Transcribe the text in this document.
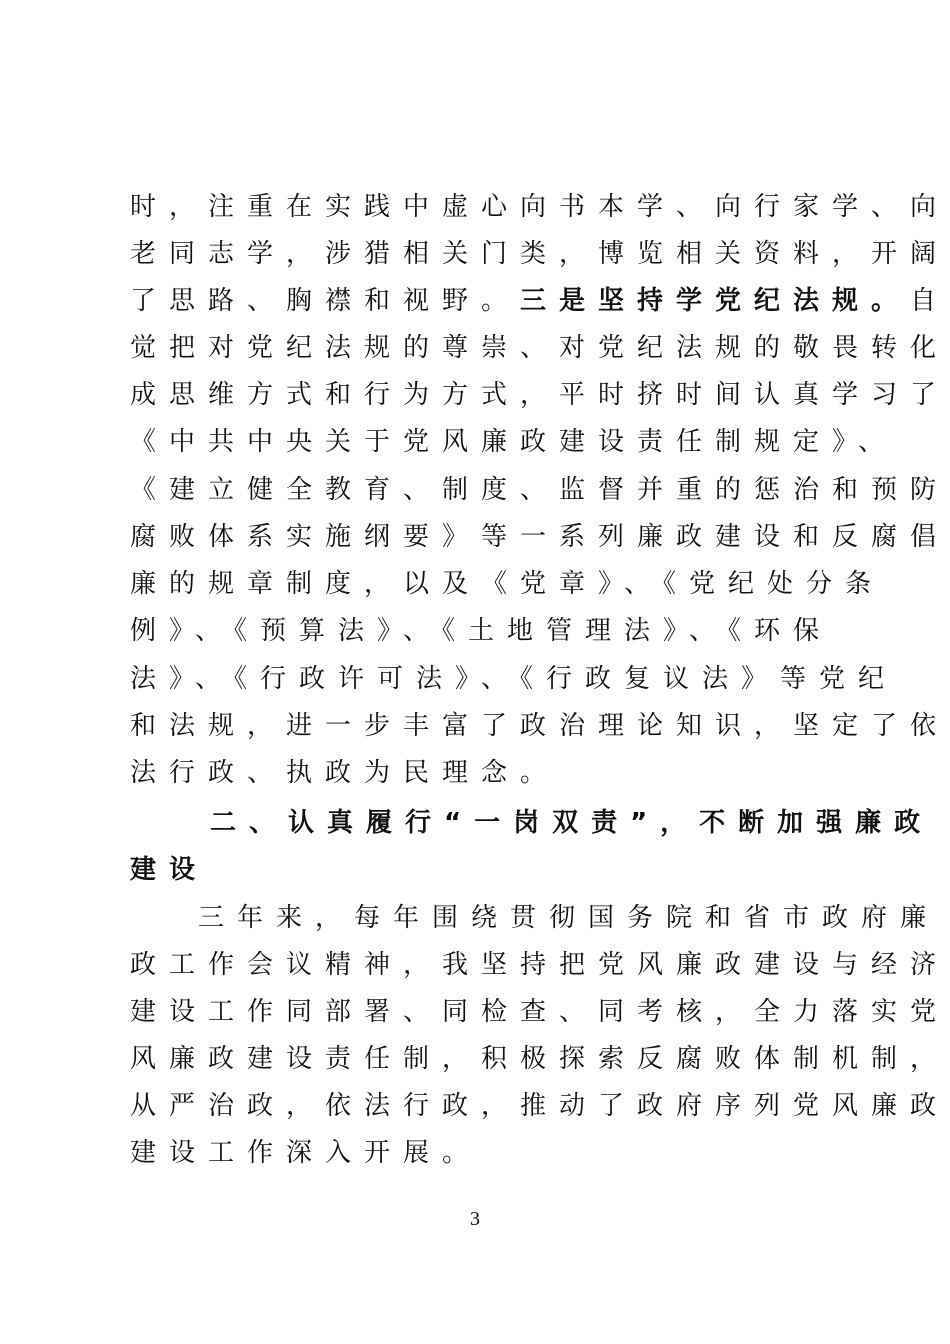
时，注重在实践中虚心向书本学、向行家学、向
老同志学，涉猎相关门类，博览相关资料，开阔
了思路、胸襟和视野。三是坚持学党纪法规。自
觉把对党纪法规的尊崇、对党纪法规的敬畏转化
成思维方式和行为方式，平时挤时间认真学习了
《中共中央关于党风廉政建设责任制规定》、
《建立健全教育、制度、监督并重的惩治和预防
腐败体系实施纲要》等一系列廉政建设和反腐倡
廉的规章制度，以及《党章》、《党纪处分条
例》、《预算法》、《土地管理法》、《环保
法》、《行政许可法》、《行政复议法》等党纪
和法规，进一步丰富了政治理论知识，坚定了依
法行政、执政为民理念。
二、认真履行“一岗双责”，不断加强廉政
建设
三年来，每年围绕贯彻国务院和省市政府廉
政工作会议精神，我坚持把党风廉政建设与经济
建设工作同部署、同检查、同考核，全力落实党
风廉政建设责任制，积极探索反腐败体制机制，
从严治政，依法行政，推动了政府序列党风廉政
建设工作深入开展。
3
